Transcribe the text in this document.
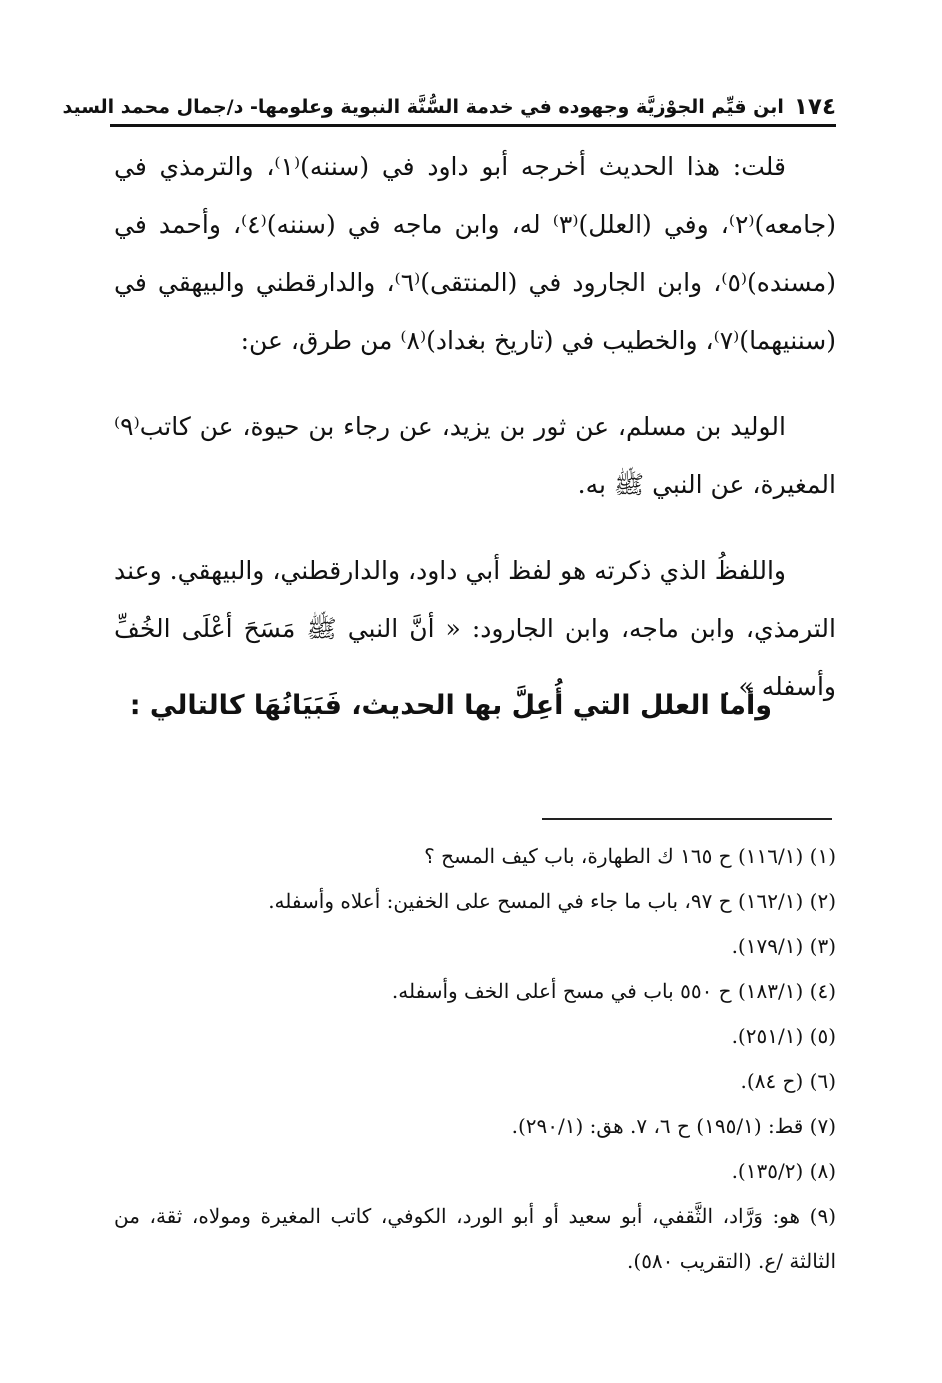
١٧٤
ابن قيِّم الجوْزيَّة وجهوده في خدمة السُّنَّة النبوية وعلومها- د/جمال محمد السيد

قلت: هذا الحديث أخرجه أبو داود في (سننه)⁽١⁾، والترمذي في (جامعه)⁽٢⁾، وفي (العلل)⁽٣⁾ له، وابن ماجه في (سننه)⁽٤⁾، وأحمد في (مسنده)⁽٥⁾، وابن الجارود في (المنتقى)⁽٦⁾، والدارقطني والبيهقي في (سننيهما)⁽٧⁾، والخطيب في (تاريخ بغداد)⁽٨⁾ من طرق، عن:

الوليد بن مسلم، عن ثور بن يزيد، عن رجاء بن حيوة، عن كاتب⁽٩⁾ المغيرة، عن النبي ﷺ به.

واللفظُ الذي ذكرته هو لفظ أبي داود، والدارقطني، والبيهقي. وعند الترمذي، وابن ماجه، وابن الجارود: « أنَّ النبي ﷺ مَسَحَ أعْلَى الخُفِّ وأسفله » .

وأما العلل التي أُعِلَّ بها الحديث، فَبَيَانُهَا كالتالي :

(١) (١١٦/١) ح ١٦٥ ك الطهارة، باب كيف المسح ؟

(٢) (١٦٢/١) ح ٩٧، باب ما جاء في المسح على الخفين: أعلاه وأسفله.

(٣) (١٧٩/١).

(٤) (١٨٣/١) ح ٥٥٠ باب في مسح أعلى الخف وأسفله.

(٥) (٢٥١/١).

(٦) (ح ٨٤).

(٧) قط: (١٩٥/١) ح ٦، ٧. هق: (٢٩٠/١).

(٨) (١٣٥/٢).

(٩) هو: وَرَّاد، الثَّقفي، أبو سعيد أو أبو الورد، الكوفي، كاتب المغيرة ومولاه، ثقة، من الثالثة /ع. (التقريب ٥٨٠).
